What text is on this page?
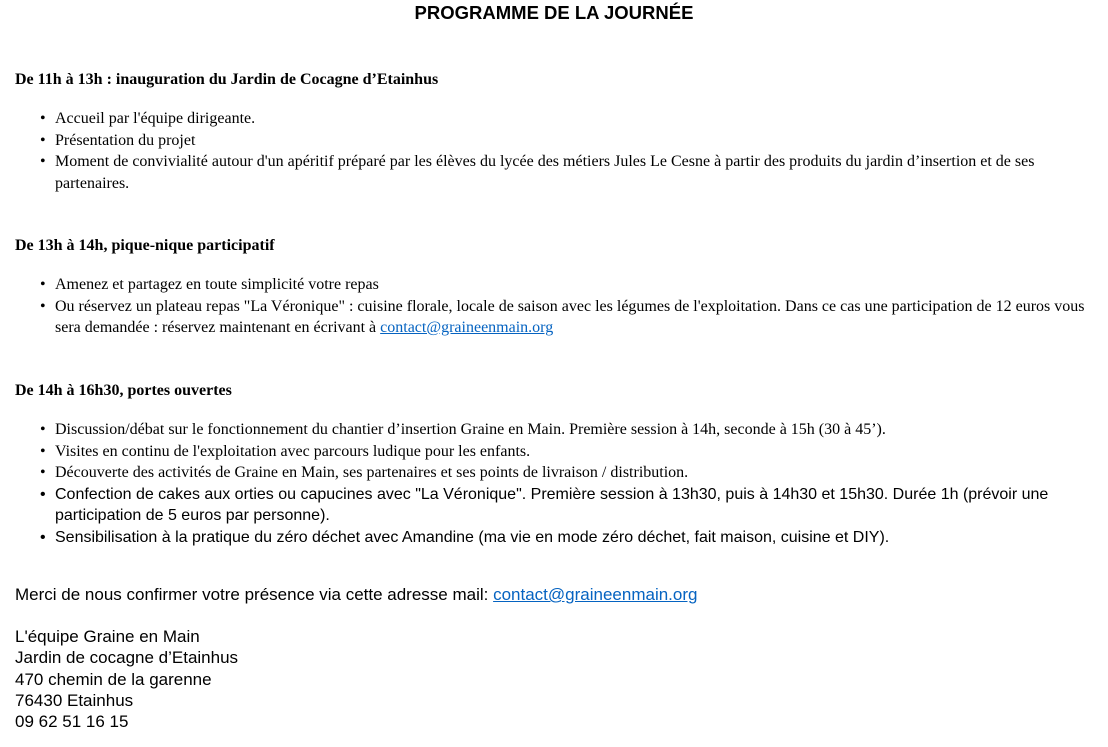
PROGRAMME DE LA JOURNÉE
De 11h à 13h : inauguration du Jardin de Cocagne d’Etainhus
• Accueil par l'équipe dirigeante.
• Présentation du projet
• Moment de convivialité autour d'un apéritif préparé par les élèves du lycée des métiers Jules Le Cesne à partir des produits du jardin d’insertion et de ses partenaires.
De 13h à 14h, pique-nique participatif
• Amenez et partagez en toute simplicité votre repas
• Ou réservez un plateau repas "La Véronique" : cuisine florale, locale de saison avec les légumes de l'exploitation. Dans ce cas une participation de 12 euros vous sera demandée : réservez maintenant en écrivant à contact@graineenmain.org
De 14h à 16h30, portes ouvertes
• Discussion/débat sur le fonctionnement du chantier d’insertion Graine en Main. Première session à 14h, seconde à 15h (30 à 45’).
• Visites en continu de l'exploitation avec parcours ludique pour les enfants.
• Découverte des activités de Graine en Main, ses partenaires et ses points de livraison / distribution.
• Confection de cakes aux orties ou capucines avec "La Véronique". Première session à 13h30, puis à 14h30 et 15h30. Durée 1h (prévoir une participation de 5 euros par personne).
• Sensibilisation à la pratique du zéro déchet avec Amandine (ma vie en mode zéro déchet, fait maison, cuisine et DIY).
Merci de nous confirmer votre présence via cette adresse mail: contact@graineenmain.org
L'équipe Graine en Main
Jardin de cocagne d’Etainhus
470 chemin de la garenne
76430 Etainhus
09 62 51 16 15
